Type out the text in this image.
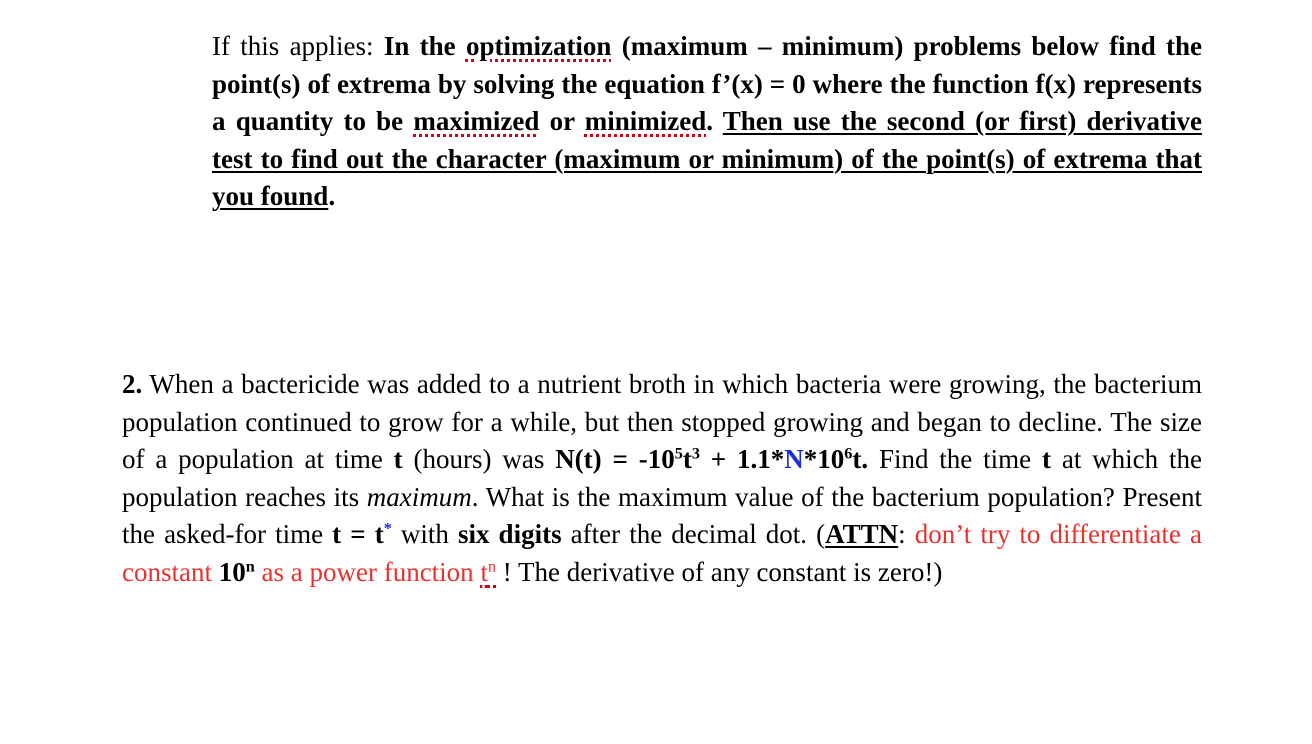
If this applies: In the optimization (maximum – minimum) problems below find the point(s) of extrema by solving the equation f’(x) = 0 where the function f(x) represents a quantity to be maximized or minimized. Then use the second (or first) derivative test to find out the character (maximum or minimum) of the point(s) of extrema that you found.

2. When a bactericide was added to a nutrient broth in which bacteria were growing, the bacterium population continued to grow for a while, but then stopped growing and began to decline. The size of a population at time t (hours) was $N(t) = -10^5t^3 + 1.1*N*10^6t$. Find the time t at which the population reaches its maximum. What is the maximum value of the bacterium population? Present the asked-for time t = t* with six digits after the decimal dot. (ATTN: don’t try to differentiate a constant 10$^n$ as a power function $t^n$ ! The derivative of any constant is zero!)
